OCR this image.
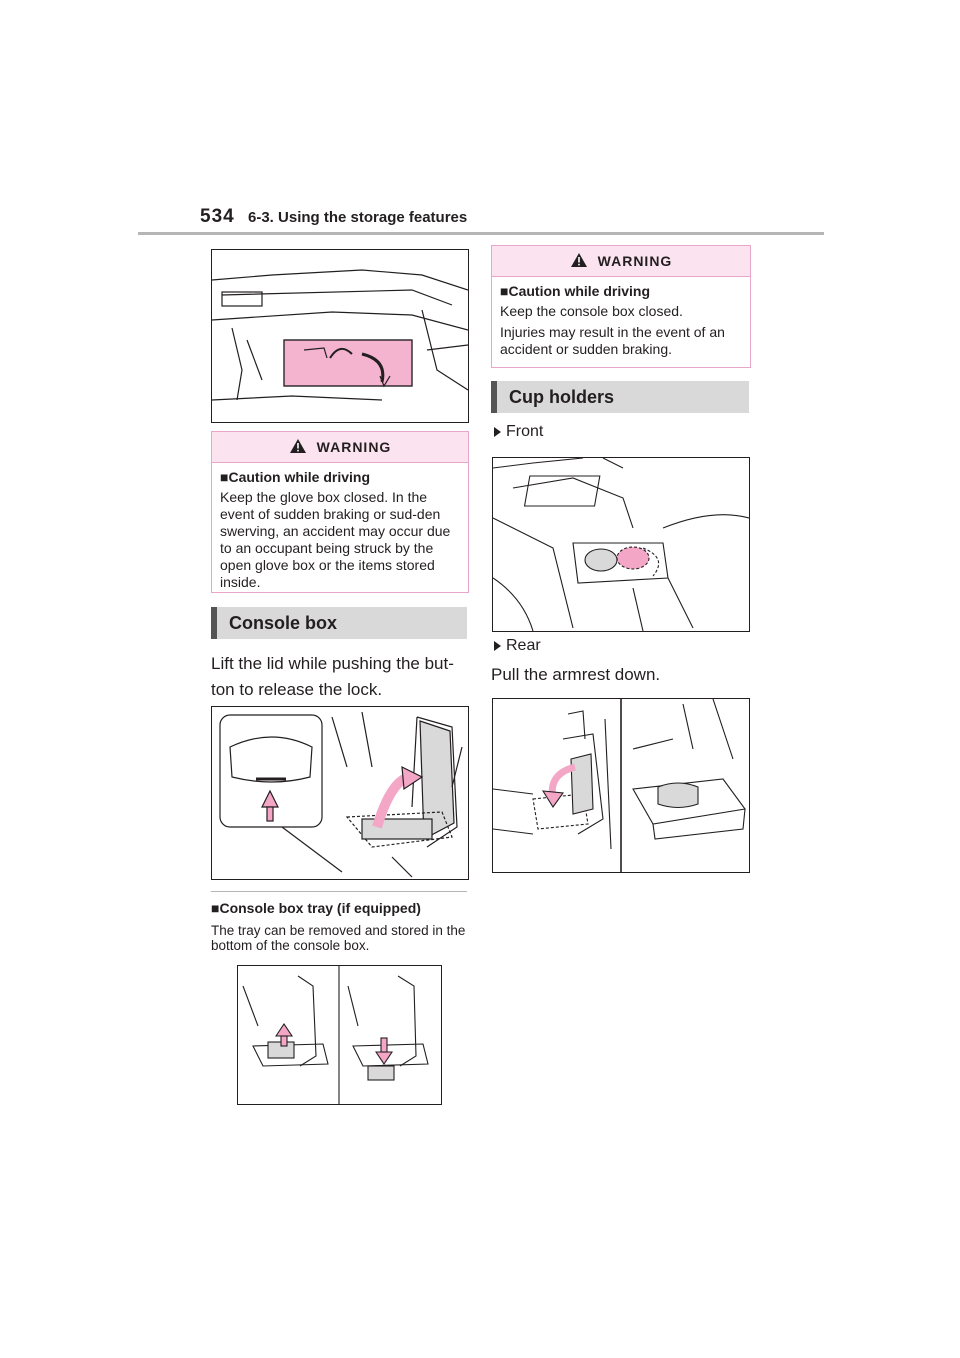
534 6-3. Using the storage features
WARNING
■Caution while driving

Keep the glove box closed. In the event of sudden braking or sud-den swerving, an accident may occur due to an occupant being struck by the open glove box or the items stored inside.

Console box
Lift the lid while pushing the but-ton to release the lock.
■Console box tray (if equipped)
The tray can be removed and stored in the bottom of the console box.
WARNING
■Caution while driving

Keep the console box closed.

Injuries may result in the event of an accident or sudden braking.

Cup holders
Front
Rear
Pull the armrest down.
